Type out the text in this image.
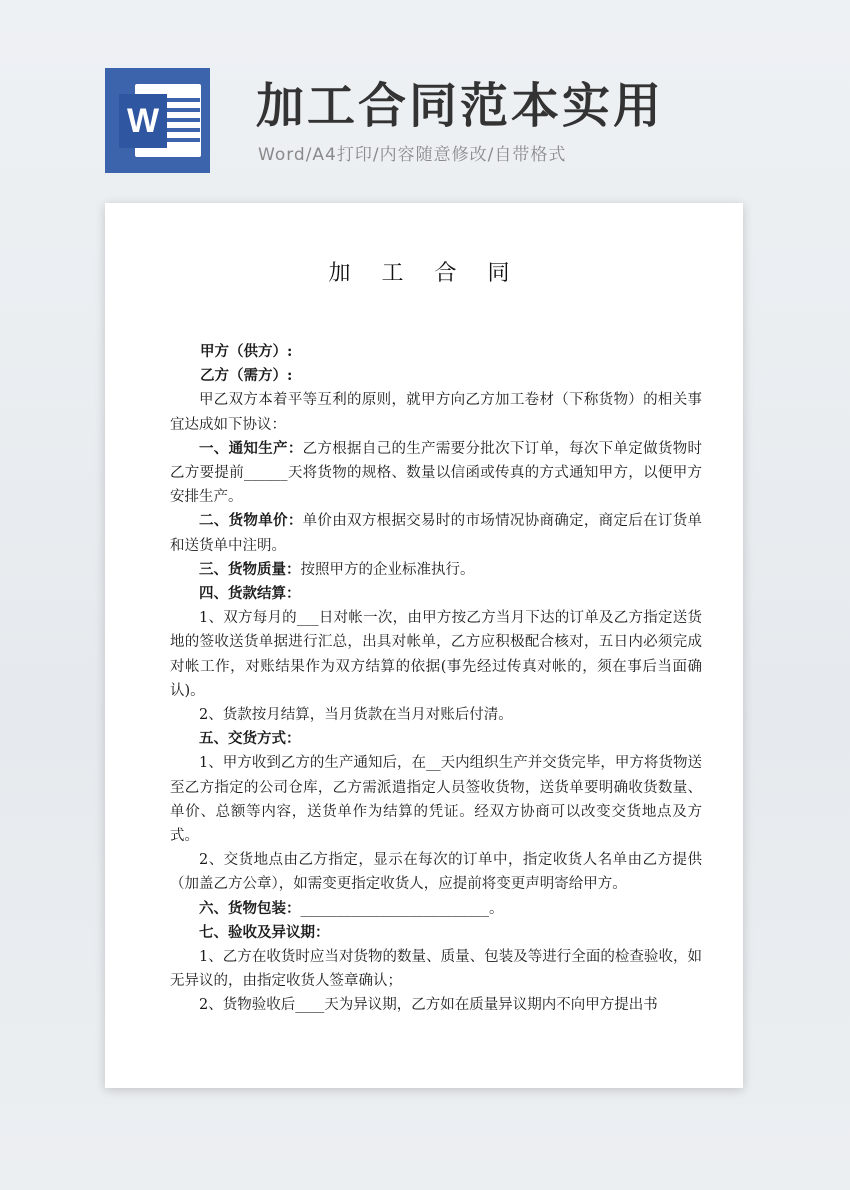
W 加工合同范本实用
Word/A4打印/内容随意修改/自带格式
加 工 合 同

甲方（供方）:

乙方（需方）:

甲乙双方本着平等互利的原则，就甲方向乙方加工卷材（下称货物）的相关事宜达成如下协议：

一、通知生产：乙方根据自己的生产需要分批次下订单，每次下单定做货物时乙方要提前______天将货物的规格、数量以信函或传真的方式通知甲方，以便甲方安排生产。

二、货物单价：单价由双方根据交易时的市场情况协商确定，商定后在订货单和送货单中注明。

三、货物质量：按照甲方的企业标准执行。

四、货款结算：

1、双方每月的___日对帐一次，由甲方按乙方当月下达的订单及乙方指定送货地的签收送货单据进行汇总，出具对帐单，乙方应积极配合核对，五日内必须完成对帐工作，对账结果作为双方结算的依据(事先经过传真对帐的，须在事后当面确认)。

2、货款按月结算，当月货款在当月对账后付清。

五、交货方式：

1、甲方收到乙方的生产通知后，在__天内组织生产并交货完毕，甲方将货物送至乙方指定的公司仓库，乙方需派遣指定人员签收货物，送货单要明确收货数量、单价、总额等内容，送货单作为结算的凭证。经双方协商可以改变交货地点及方式。

2、交货地点由乙方指定，显示在每次的订单中，指定收货人名单由乙方提供（加盖乙方公章），如需变更指定收货人，应提前将变更声明寄给甲方。

六、货物包装：__________________________。

七、验收及异议期：

1、乙方在收货时应当对货物的数量、质量、包装及等进行全面的检查验收，如无异议的，由指定收货人签章确认；

2、货物验收后____天为异议期，乙方如在质量异议期内不向甲方提出书
